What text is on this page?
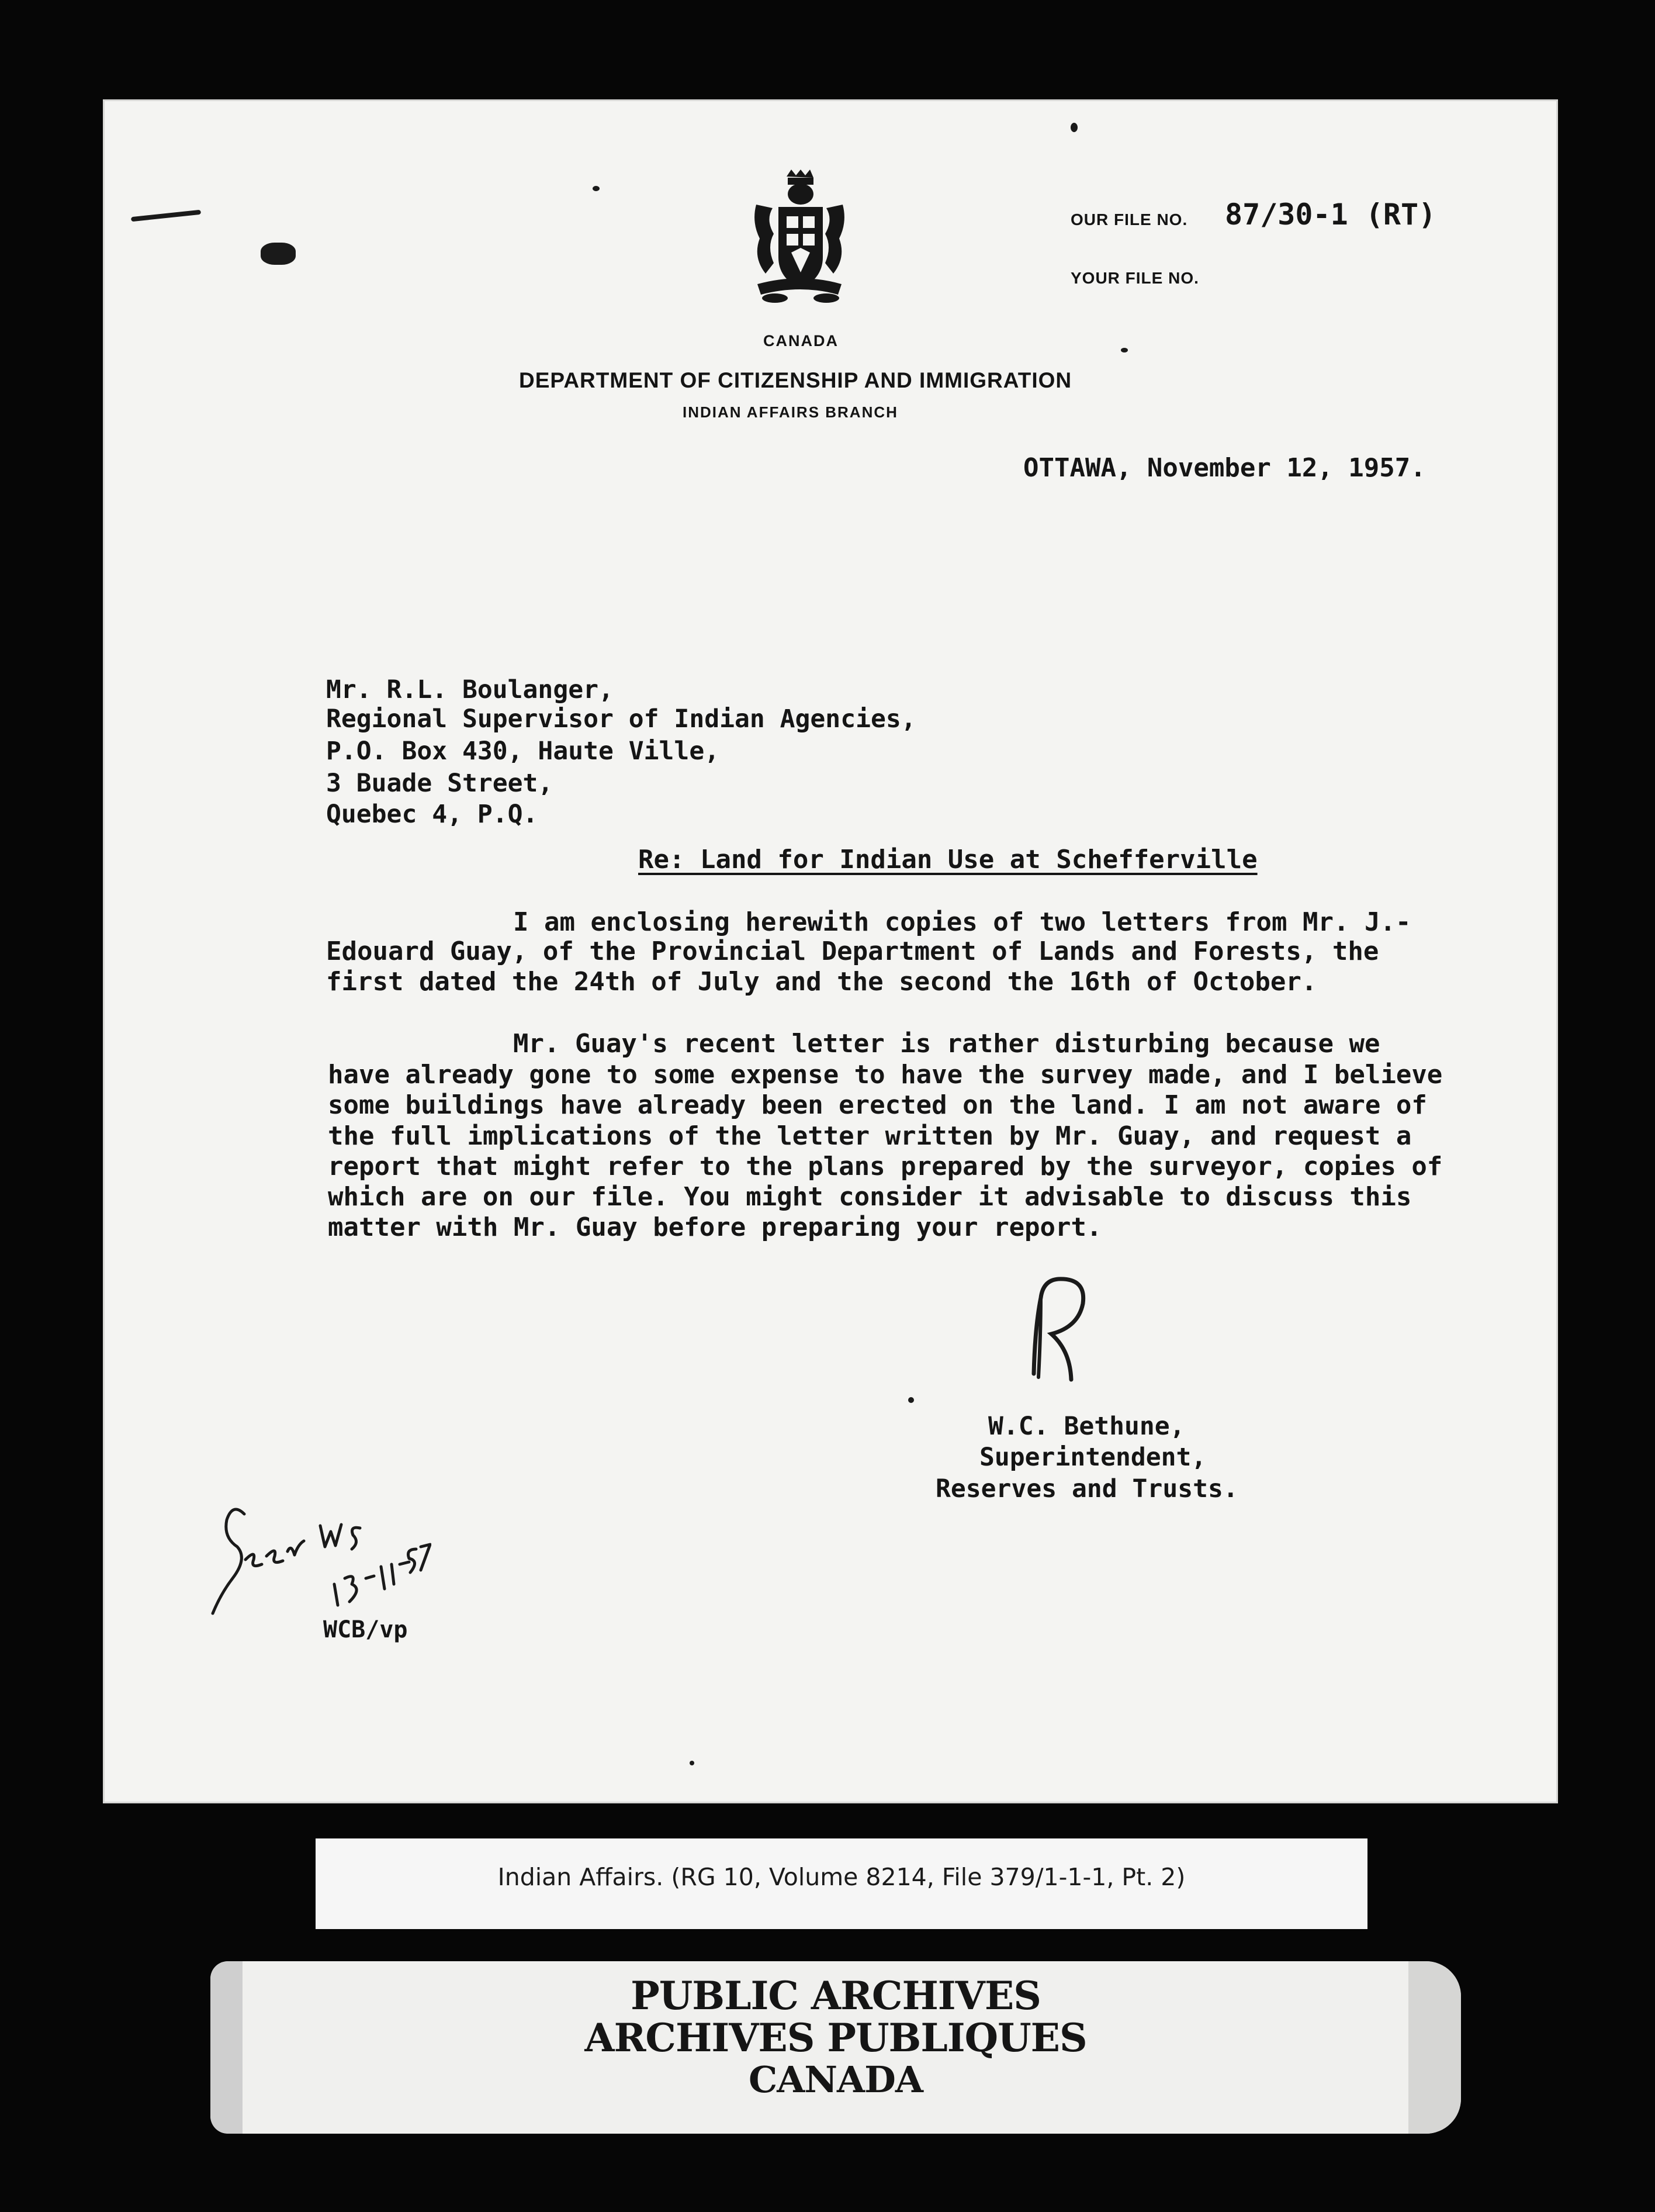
CANADA
DEPARTMENT OF CITIZENSHIP AND IMMIGRATION
INDIAN AFFAIRS BRANCH
OUR FILE NO. 87/30-1 (RT)
YOUR FILE NO.
OTTAWA, November 12, 1957.
Mr. R.L. Boulanger,
Regional Supervisor of Indian Agencies,
P.O. Box 430, Haute Ville,
3 Buade Street,
Quebec 4, P.Q.
Re: Land for Indian Use at Schefferville
I am enclosing herewith copies of two letters from Mr. J.-
Edouard Guay, of the Provincial Department of Lands and Forests, the
first dated the 24th of July and the second the 16th of October.
Mr. Guay's recent letter is rather disturbing because we
have already gone to some expense to have the survey made, and I believe
some buildings have already been erected on the land. I am not aware of
the full implications of the letter written by Mr. Guay, and request a
report that might refer to the plans prepared by the surveyor, copies of
which are on our file. You might consider it advisable to discuss this
matter with Mr. Guay before preparing your report.
W.C. Bethune,
Superintendent,
Reserves and Trusts.
WCB/vp
Indian Affairs. (RG 10, Volume 8214, File 379/1-1-1, Pt. 2)
PUBLIC ARCHIVES
ARCHIVES PUBLIQUES
CANADA
